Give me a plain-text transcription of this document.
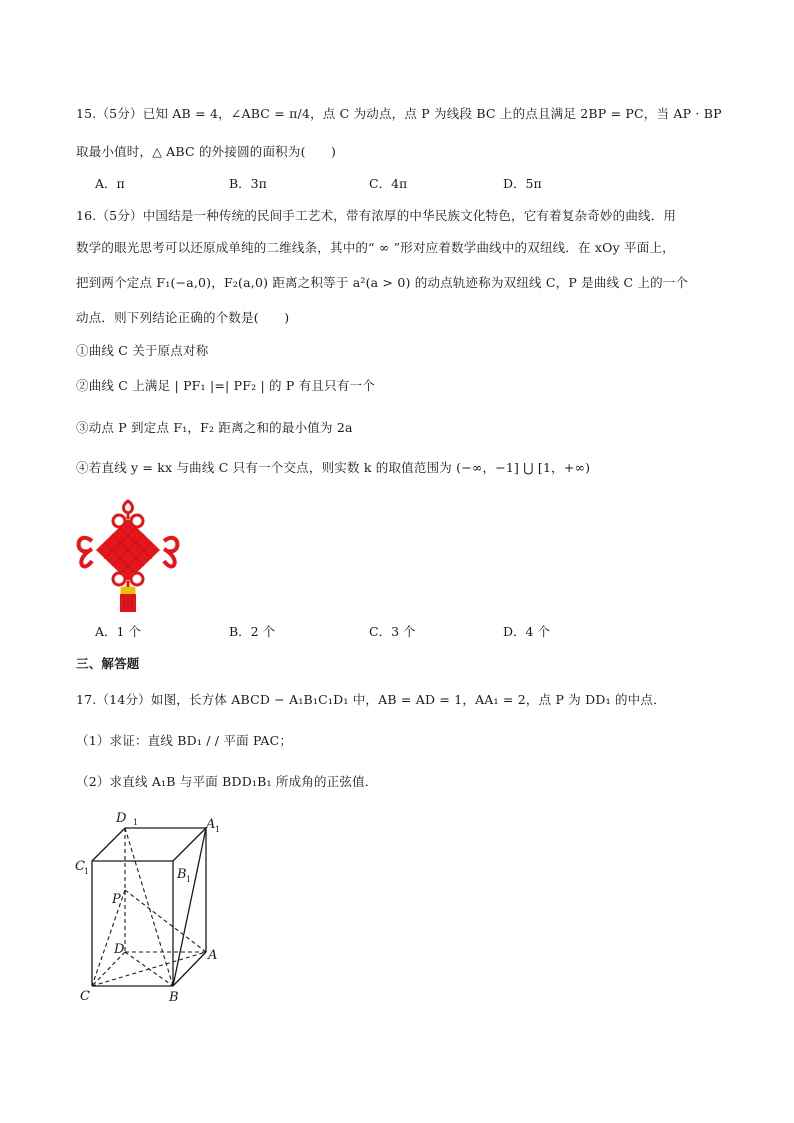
15.（5分）已知 AB = 4，∠ABC = π/4，点 C 为动点，点 P 为线段 BC 上的点且满足 2BP = PC，当 AP · BP
取最小值时，△ ABC 的外接圆的面积为(　　)
A．π	B．3π	C．4π	D．5π
16.（5分）中国结是一种传统的民间手工艺术，带有浓厚的中华民族文化特色，它有着复杂奇妙的曲线．用
数学的眼光思考可以还原成单纯的二维线条，其中的“ ∞ ”形对应着数学曲线中的双纽线．在 xOy 平面上，
把到两个定点 F₁(−a,0)，F₂(a,0) 距离之积等于 a²(a > 0) 的动点轨迹称为双纽线 C，P 是曲线 C 上的一个
动点．则下列结论正确的个数是(　　)
①曲线 C 关于原点对称
②曲线 C 上满足 | PF₁ |=| PF₂ | 的 P 有且只有一个
③动点 P 到定点 F₁，F₂ 距离之和的最小值为 2a
④若直线 y = kx 与曲线 C 只有一个交点，则实数 k 的取值范围为 (−∞，−1] ⋃ [1，+∞)
A．1 个	B．2 个	C．3 个	D．4 个
三、解答题
17.（14分）如图，长方体 ABCD − A₁B₁C₁D₁ 中，AB = AD = 1，AA₁ = 2，点 P 为 DD₁ 的中点．
（1）求证：直线 BD₁ / / 平面 PAC；
（2）求直线 A₁B 与平面 BDD₁B₁ 所成角的正弦值．
D 1	A 1
C 1	B 1
P
D	A
C	B
